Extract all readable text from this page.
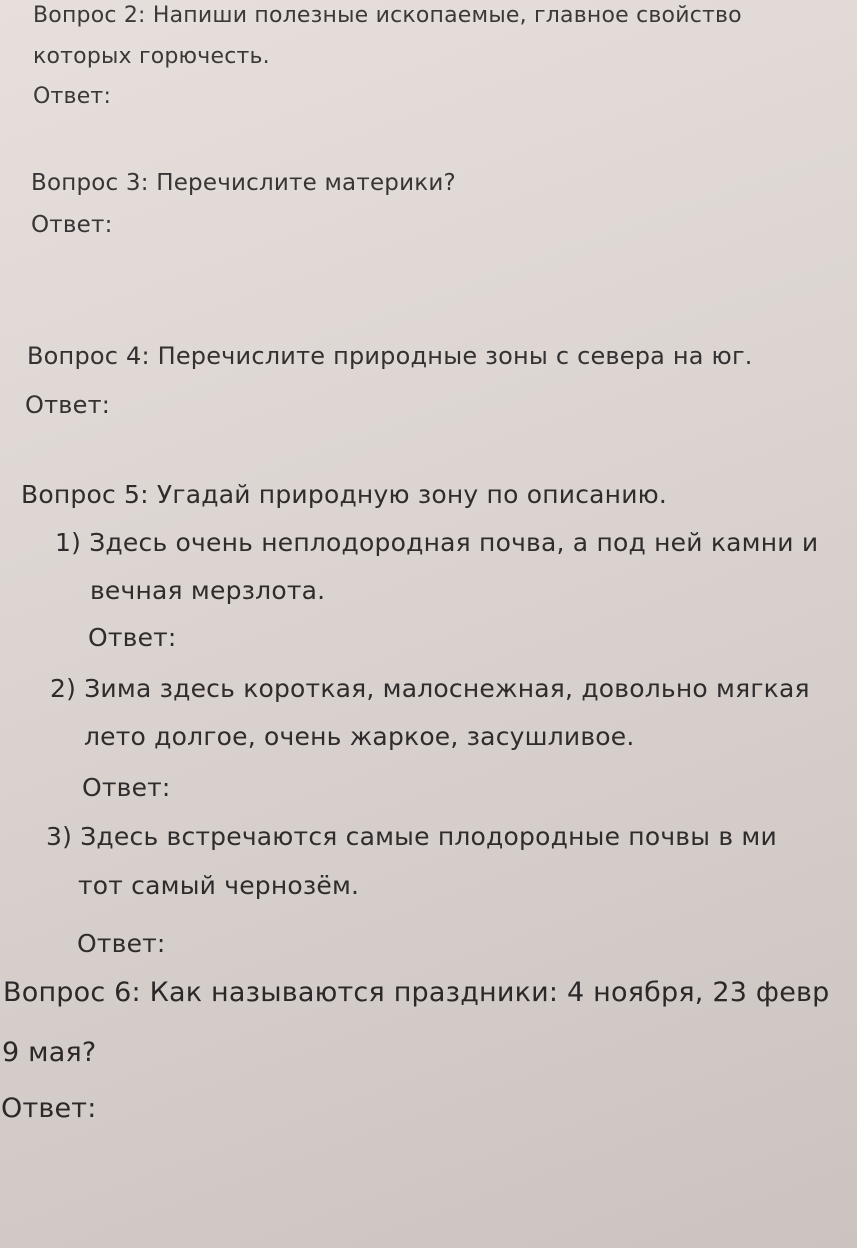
Вопрос 2: Напиши полезные ископаемые, главное свойство
которых горючесть.
Ответ:
Вопрос 3: Перечислите материки?
Ответ:
Вопрос 4: Перечислите природные зоны с севера на юг.
Ответ:
Вопрос 5: Угадай природную зону по описанию.
1) Здесь очень неплодородная почва, а под ней камни и
вечная мерзлота.
Ответ:
2) Зима здесь короткая, малоснежная, довольно мягкая
лето долгое, очень жаркое, засушливое.
Ответ:
3) Здесь встречаются самые плодородные почвы в ми
тот самый чернозём.
Ответ:
Вопрос 6: Как называются праздники: 4 ноября, 23 февр
9 мая?
Ответ:
